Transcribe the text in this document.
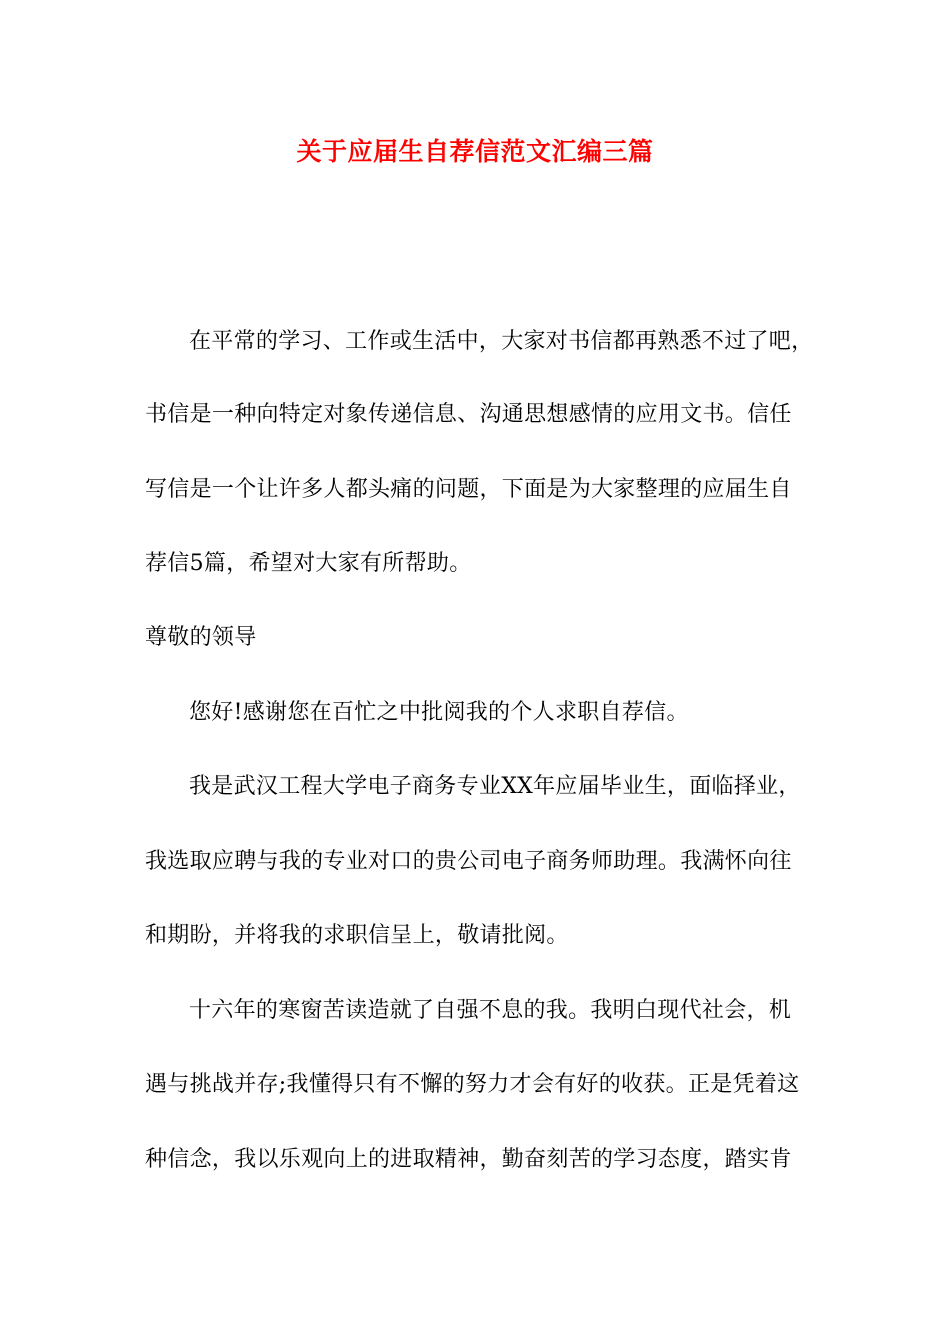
关于应届生自荐信范文汇编三篇
在平常的学习、工作或生活中，大家对书信都再熟悉不过了吧，
书信是一种向特定对象传递信息、沟通思想感情的应用文书。信任
写信是一个让许多人都头痛的问题，下面是为大家整理的应届生自
荐信5篇，希望对大家有所帮助。
尊敬的领导
您好!感谢您在百忙之中批阅我的个人求职自荐信。
我是武汉工程大学电子商务专业XX年应届毕业生，面临择业，
我选取应聘与我的专业对口的贵公司电子商务师助理。我满怀向往
和期盼，并将我的求职信呈上，敬请批阅。
十六年的寒窗苦读造就了自强不息的我。我明白现代社会，机
遇与挑战并存;我懂得只有不懈的努力才会有好的收获。正是凭着这
种信念，我以乐观向上的进取精神，勤奋刻苦的学习态度，踏实肯
